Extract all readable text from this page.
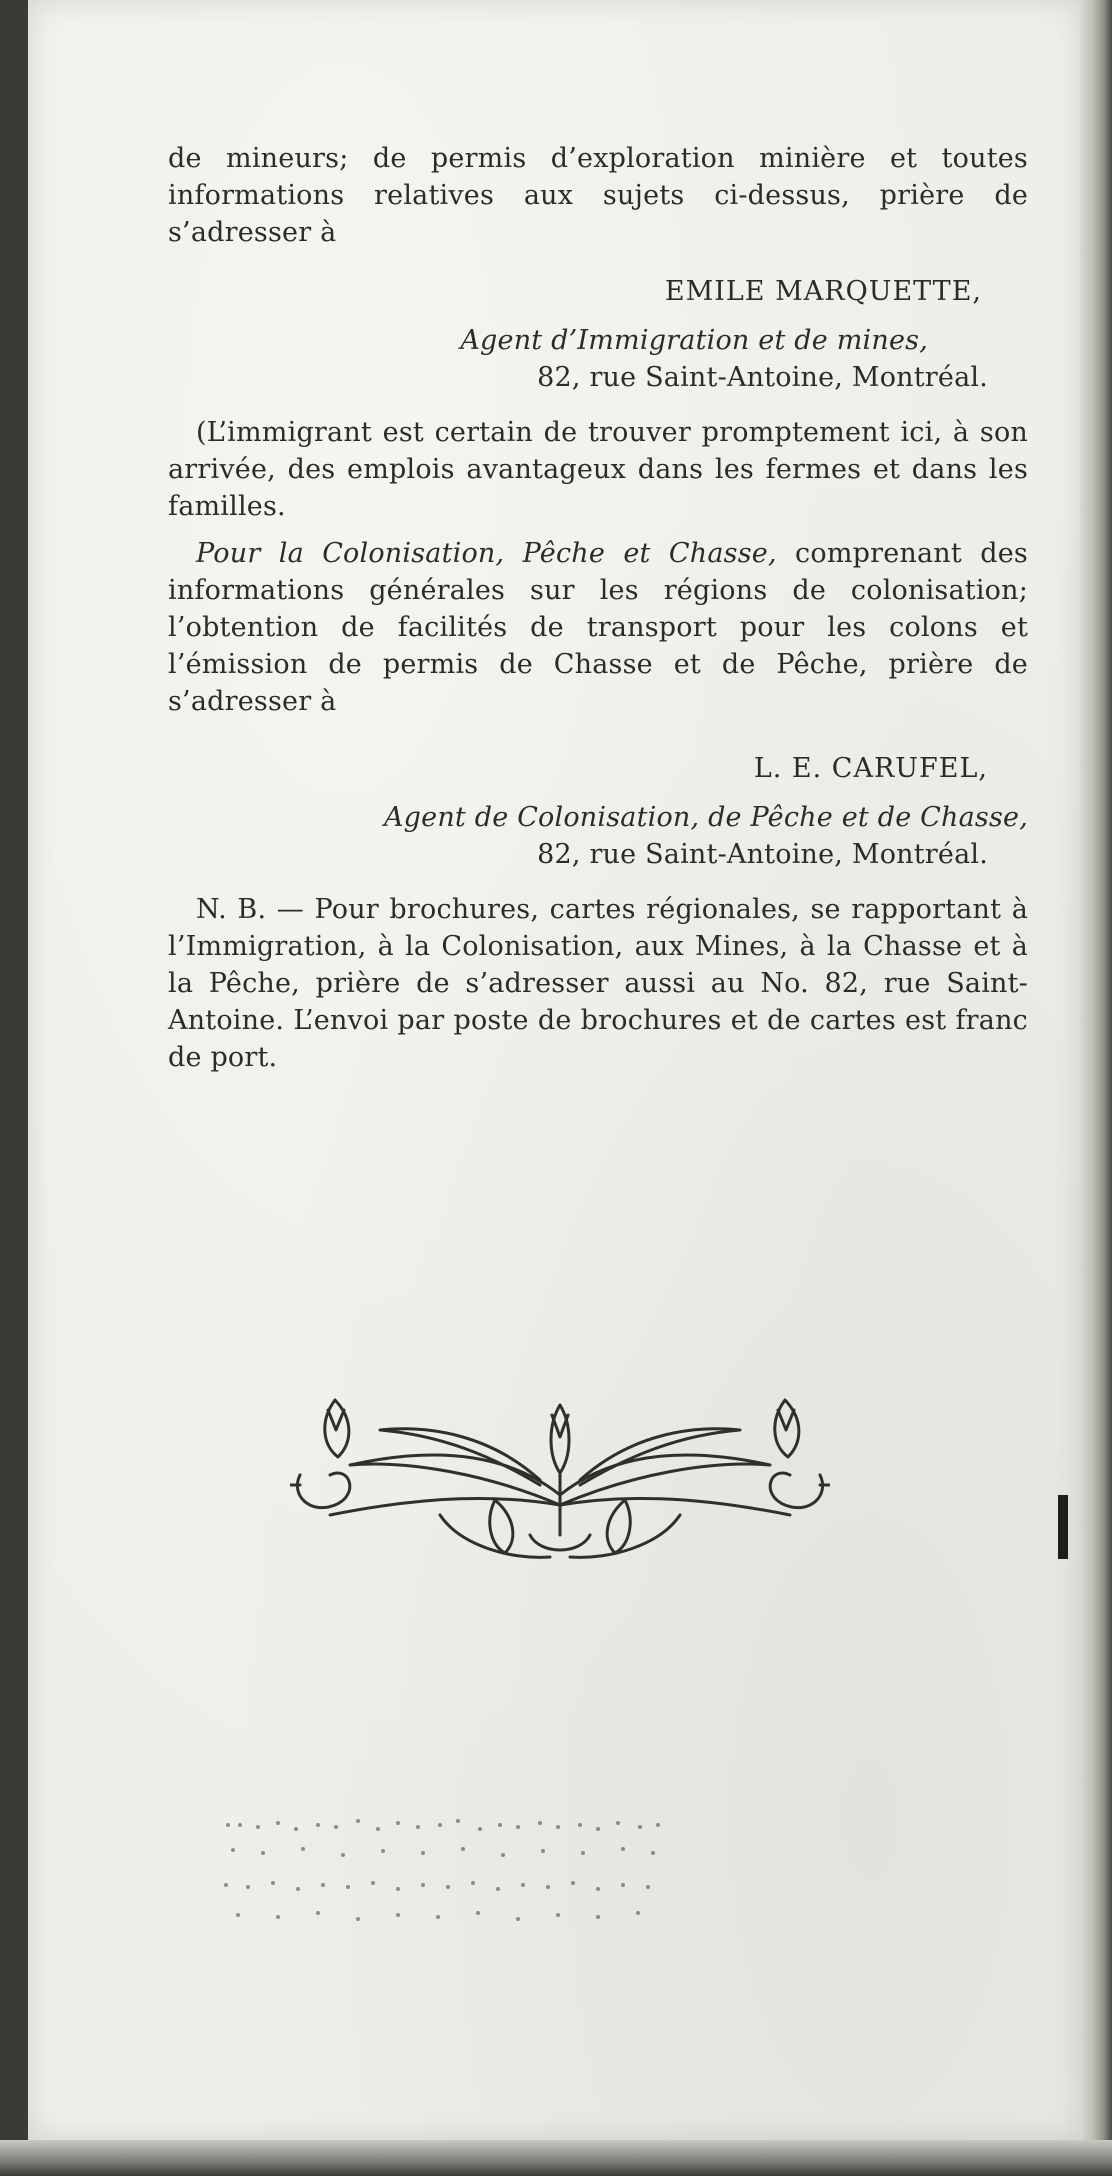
de mineurs; de permis d’exploration minière et toutes informations relatives aux sujets ci-dessus, prière de s’adresser à

EMILE MARQUETTE,

Agent d’Immigration et de mines,

82, rue Saint-Antoine, Montréal.

(L’immigrant est certain de trouver promptement ici, à son arrivée, des emplois avantageux dans les fermes et dans les familles.

Pour la Colonisation, Pêche et Chasse, comprenant des informations générales sur les régions de colonisation; l’obtention de facilités de transport pour les colons et l’émission de permis de Chasse et de Pêche, prière de s’adresser à

L. E. CARUFEL,

Agent de Colonisation, de Pêche et de Chasse,

82, rue Saint-Antoine, Montréal.

N. B. — Pour brochures, cartes régionales, se rapportant à l’Immigration, à la Colonisation, aux Mines, à la Chasse et à la Pêche, prière de s’adresser aussi au No. 82, rue Saint-Antoine. L’envoi par poste de brochures et de cartes est franc de port.
